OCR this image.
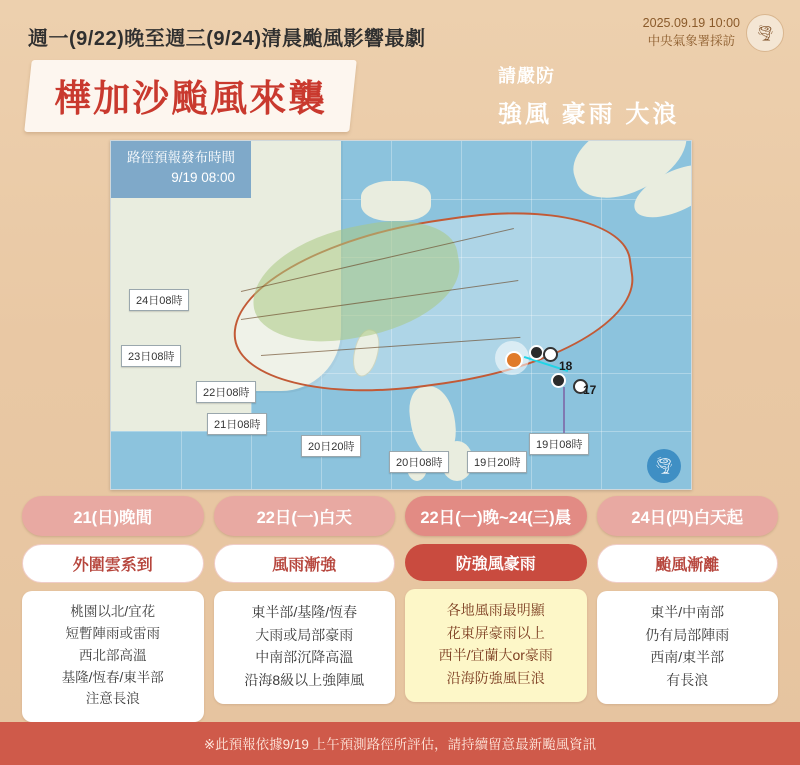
週一(9/22)晚至週三(9/24)清晨颱風影響最劇
2025.09.19 10:00
中央氣象署採訪	🌪
樺加沙颱風來襲
請嚴防
強風 豪雨 大浪
18
17
24日08時
23日08時
22日08時
21日08時
20日20時
20日08時	19日20時
19日08時
路徑預報發布時間
9/19 08:00
🌪
21(日)晚間
外圍雲系到
桃園以北/宜花
短暫陣雨或雷雨
西北部高溫
基隆/恆春/東半部
注意長浪
22日(一)白天
風雨漸強
東半部/基隆/恆春
大雨或局部豪雨
中南部沉降高溫
沿海8級以上強陣風
22日(一)晚~24(三)晨
防強風豪雨
各地風雨最明顯
花東屏豪雨以上
西半/宜蘭大or豪雨
沿海防強風巨浪
24日(四)白天起
颱風漸離
東半/中南部
仍有局部陣雨
西南/東半部
有長浪
※此預報依據9/19 上午預測路徑所評估，請持續留意最新颱風資訊
